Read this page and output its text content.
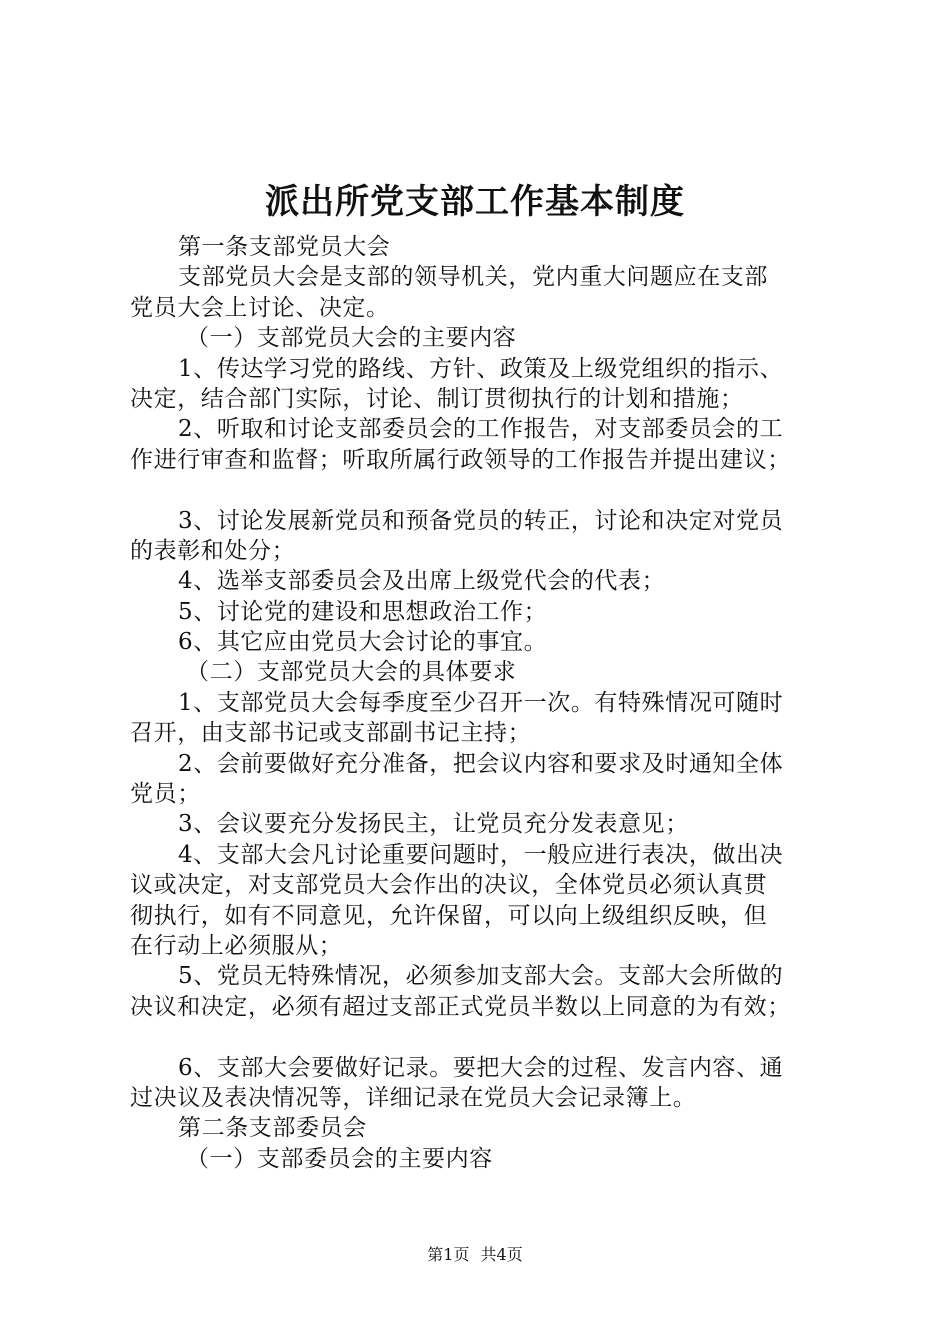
派出所党支部工作基本制度
第一条支部党员大会
支部党员大会是支部的领导机关，党内重大问题应在支部
党员大会上讨论、决定。
（一）支部党员大会的主要内容
1、传达学习党的路线、方针、政策及上级党组织的指示、
决定，结合部门实际，讨论、制订贯彻执行的计划和措施；
2、听取和讨论支部委员会的工作报告，对支部委员会的工
作进行审查和监督；听取所属行政领导的工作报告并提出建议；
3、讨论发展新党员和预备党员的转正，讨论和决定对党员
的表彰和处分；
4、选举支部委员会及出席上级党代会的代表；
5、讨论党的建设和思想政治工作；
6、其它应由党员大会讨论的事宜。
（二）支部党员大会的具体要求
1、支部党员大会每季度至少召开一次。有特殊情况可随时
召开，由支部书记或支部副书记主持；
2、会前要做好充分准备，把会议内容和要求及时通知全体
党员；
3、会议要充分发扬民主，让党员充分发表意见；
4、支部大会凡讨论重要问题时，一般应进行表决，做出决
议或决定，对支部党员大会作出的决议，全体党员必须认真贯
彻执行，如有不同意见，允许保留，可以向上级组织反映，但
在行动上必须服从；
5、党员无特殊情况，必须参加支部大会。支部大会所做的
决议和决定，必须有超过支部正式党员半数以上同意的为有效；
6、支部大会要做好记录。要把大会的过程、发言内容、通
过决议及表决情况等，详细记录在党员大会记录簿上。
第二条支部委员会
（一）支部委员会的主要内容
第1页 共4页
